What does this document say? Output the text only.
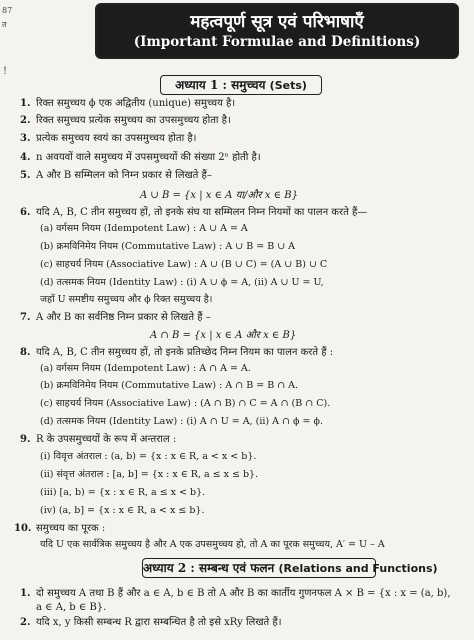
87
त
!
महत्वपूर्ण सूत्र एवं परिभाषाएँ
(Important Formulae and Definitions)
अध्याय 1 : समुच्चय (Sets)
1. रिक्त समुच्चय ϕ एक अद्वितीय (unique) समुच्चय है।
2. रिक्त समुच्चय प्रत्येक समुच्चय का उपसमुच्चय होता है।
3. प्रत्येक समुच्चय स्वयं का उपसमुच्चय होता है।
4. n अवयवों वाले समुच्चय में उपसमुच्चयों की संख्या 2ⁿ होती है।
5. A और B सम्मिलन को निम्न प्रकार से लिखते हैं–
A ∪ B = {x | x ∈ A या/और x ∈ B}
6. यदि A, B, C तीन समुच्चय हों, तो इनके संघ या सम्मिलन निम्न नियमों का पालन करते हैं—
(a) वर्गसम नियम (Idempotent Law) : A ∪ A = A
(b) क्रमविनिमेय नियम (Commutative Law) : A ∪ B = B ∪ A
(c) साहचर्य नियम (Associative Law) : A ∪ (B ∪ C) = (A ∪ B) ∪ C
(d) तत्समक नियम (Identity Law) : (i) A ∪ ϕ = A, (ii) A ∪ U = U,
जहाँ U समष्टीय समुच्चय और ϕ रिक्त समुच्चय है।
7. A और B का सर्वनिष्ठ निम्न प्रकार से लिखते हैं –
A ∩ B = {x | x ∈ A और x ∈ B}
8. यदि A, B, C तीन समुच्चय हों, तो इनके प्रतिच्छेद निम्न नियम का पालन करते हैं :
(a) वर्गसम नियम (Idempotent Law) : A ∩ A = A.
(b) क्रमविनिमेय नियम (Commutative Law) : A ∩ B = B ∩ A.
(c) साहचर्य नियम (Associative Law) : (A ∩ B) ∩ C = A ∩ (B ∩ C).
(d) तत्समक नियम (Identity Law) : (i) A ∩ U = A, (ii) A ∩ ϕ = ϕ.
9. R के उपसमुच्चयों के रूप में अन्तराल :
(i) विवृत्त अंतराल : (a, b) = {x : x ∈ R, a < x < b}.
(ii) संवृत्त अंतराल : [a, b] = {x : x ∈ R, a ≤ x ≤ b}.
(iii) [a, b) = {x : x ∈ R, a ≤ x < b}.
(iv) (a, b] = {x : x ∈ R, a < x ≤ b}.
10. समुच्चय का पूरक :
यदि U एक सार्वत्रिक समुच्चय है और A एक उपसमुच्चय हो, तो A का पूरक समुच्चय, A′ = U – A
अध्याय 2 : सम्बन्ध एवं फलन (Relations and Functions)
1. दो समुच्चय A तथा B हैं और a ∈ A, b ∈ B तो A और B का कार्तीय गुणनफल A × B = {x : x = (a, b),
a ∈ A, b ∈ B}.
2. यदि x, y किसी सम्बन्ध R द्वारा सम्बन्धित है तो इसे xRy लिखते हैं।
